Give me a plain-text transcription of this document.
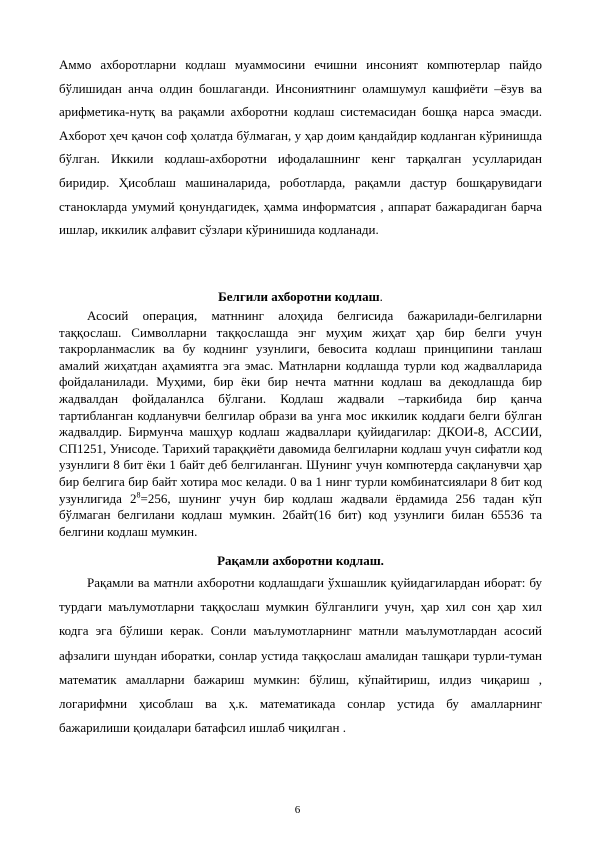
Аммо ахборотларни кодлаш муаммосини ечишни инсоният компютерлар пайдо бўлишидан анча олдин бошлаганди. Инсониятнинг оламшумул кашфиёти –ёзув ва арифметика-нутқ ва рақамли ахборотни кодлаш системасидан бошқа нарса эмасди. Ахборот ҳеч қачон соф ҳолатда бўлмаган, у ҳар доим қандайдир кодланган кўринишда бўлган. Иккили кодлаш-ахборотни ифодалашнинг кенг тарқалган усулларидан биридир. Ҳисоблаш машиналарида, роботларда, рақамли дастур бошқарувидаги станокларда умумий қонундагидек, ҳамма информатсия , аппарат бажарадиган барча ишлар, иккилик алфавит сўзлари кўринишида кодланади.

Белгили ахборотни кодлаш.

Асосий операция, матннинг алоҳида белгисида бажарилади-белгиларни таққослаш. Символларни таққослашда энг муҳим жиҳат ҳар бир белги учун такрорланмаслик ва бу коднинг узунлиги, бевосита кодлаш принципини танлаш амалий жиҳатдан аҳамиятга эга эмас. Матнларни кодлашда турли код жадвалларида фойдаланилади. Муҳими, бир ёки бир нечта матнни кодлаш ва декодлашда бир жадвалдан фойдаланлса бўлгани. Кодлаш жадвали –таркибида бир қанча тартибланган кодланувчи белгилар образи ва унга мос иккилик коддаги белги бўлган жадвалдир. Бирмунча машҳур кодлаш жадваллари қуйидагилар: ДКОИ-8, АССИИ, СП1251, Унисоде. Тарихий тараққиёти давомида белгиларни кодлаш учун сифатли код узунлиги 8 бит ёки 1 байт деб белгиланган. Шунинг учун компютерда сақланувчи ҳар бир белгига бир байт хотира мос келади. 0 ва 1 нинг турли комбинатсиялари 8 бит код узунлигида $2^8=256$, шунинг учун бир кодлаш жадвали ёрдамида 256 тадан кўп бўлмаган белгилани кодлаш мумкин. 2байт(16 бит) код узунлиги билан 65536 та белгини кодлаш мумкин.

Рақамли ахборотни кодлаш.

Рақамли ва матнли ахборотни кодлашдаги ўхшашлик қуйидагилардан иборат: бу турдаги маълумотларни таққослаш мумкин бўлганлиги учун, ҳар хил сон ҳар хил кодга эга бўлиши керак. Сонли маълумотларнинг матнли маълумотлардан асосий афзалиги шундан иборатки, сонлар устида таққослаш амалидан ташқари турли-туман математик амалларни бажариш мумкин: бўлиш, кўпайтириш, илдиз чиқариш , логарифмни ҳисоблаш ва ҳ.к. математикада сонлар устида бу амалларнинг бажарилиши қоидалари батафсил ишлаб чиқилган .

6
